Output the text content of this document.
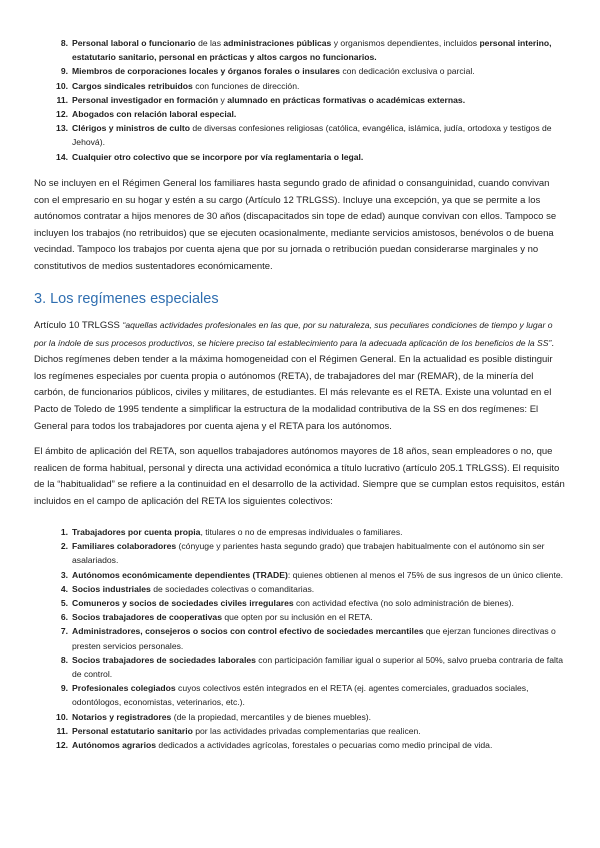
8. Personal laboral o funcionario de las administraciones públicas y organismos dependientes, incluidos personal interino, estatutario sanitario, personal en prácticas y altos cargos no funcionarios.
9. Miembros de corporaciones locales y órganos forales o insulares con dedicación exclusiva o parcial.
10. Cargos sindicales retribuidos con funciones de dirección.
11. Personal investigador en formación y alumnado en prácticas formativas o académicas externas.
12. Abogados con relación laboral especial.
13. Clérigos y ministros de culto de diversas confesiones religiosas (católica, evangélica, islámica, judía, ortodoxa y testigos de Jehová).
14. Cualquier otro colectivo que se incorpore por vía reglamentaria o legal.

No se incluyen en el Régimen General los familiares hasta segundo grado de afinidad o consanguinidad, cuando convivan con el empresario en su hogar y estén a su cargo (Artículo 12 TRLGSS). Incluye una excepción, ya que se permite a los autónomos contratar a hijos menores de 30 años (discapacitados sin tope de edad) aunque convivan con ellos. Tampoco se incluyen los trabajos (no retribuidos) que se ejecuten ocasionalmente, mediante servicios amistosos, benévolos o de buena vecindad. Tampoco los trabajos por cuenta ajena que por su jornada o retribución puedan considerarse marginales y no constitutivos de medios sustentadores económicamente.

3. Los regímenes especiales

Artículo 10 TRLGSS “aquellas actividades profesionales en las que, por su naturaleza, sus peculiares condiciones de tiempo y lugar o por la índole de sus procesos productivos, se hiciere preciso tal establecimiento para la adecuada aplicación de los beneficios de la SS”. Dichos regímenes deben tender a la máxima homogeneidad con el Régimen General. En la actualidad es posible distinguir los regímenes especiales por cuenta propia o autónomos (RETA), de trabajadores del mar (REMAR), de la minería del carbón, de funcionarios públicos, civiles y militares, de estudiantes. El más relevante es el RETA. Existe una voluntad en el Pacto de Toledo de 1995 tendente a simplificar la estructura de la modalidad contributiva de la SS en dos regímenes: El General para todos los trabajadores por cuenta ajena y el RETA para los autónomos.

El ámbito de aplicación del RETA, son aquellos trabajadores autónomos mayores de 18 años, sean empleadores o no, que realicen de forma habitual, personal y directa una actividad económica a título lucrativo (artículo 205.1 TRLGSS). El requisito de la “habitualidad” se refiere a la continuidad en el desarrollo de la actividad. Siempre que se cumplan estos requisitos, están incluidos en el campo de aplicación del RETA los siguientes colectivos:

1. Trabajadores por cuenta propia, titulares o no de empresas individuales o familiares.
2. Familiares colaboradores (cónyuge y parientes hasta segundo grado) que trabajen habitualmente con el autónomo sin ser asalariados.
3. Autónomos económicamente dependientes (TRADE): quienes obtienen al menos el 75% de sus ingresos de un único cliente.
4. Socios industriales de sociedades colectivas o comanditarias.
5. Comuneros y socios de sociedades civiles irregulares con actividad efectiva (no solo administración de bienes).
6. Socios trabajadores de cooperativas que opten por su inclusión en el RETA.
7. Administradores, consejeros o socios con control efectivo de sociedades mercantiles que ejerzan funciones directivas o presten servicios personales.
8. Socios trabajadores de sociedades laborales con participación familiar igual o superior al 50%, salvo prueba contraria de falta de control.
9. Profesionales colegiados cuyos colectivos estén integrados en el RETA (ej. agentes comerciales, graduados sociales, odontólogos, economistas, veterinarios, etc.).
10. Notarios y registradores (de la propiedad, mercantiles y de bienes muebles).
11. Personal estatutario sanitario por las actividades privadas complementarias que realicen.
12. Autónomos agrarios dedicados a actividades agrícolas, forestales o pecuarias como medio principal de vida.
